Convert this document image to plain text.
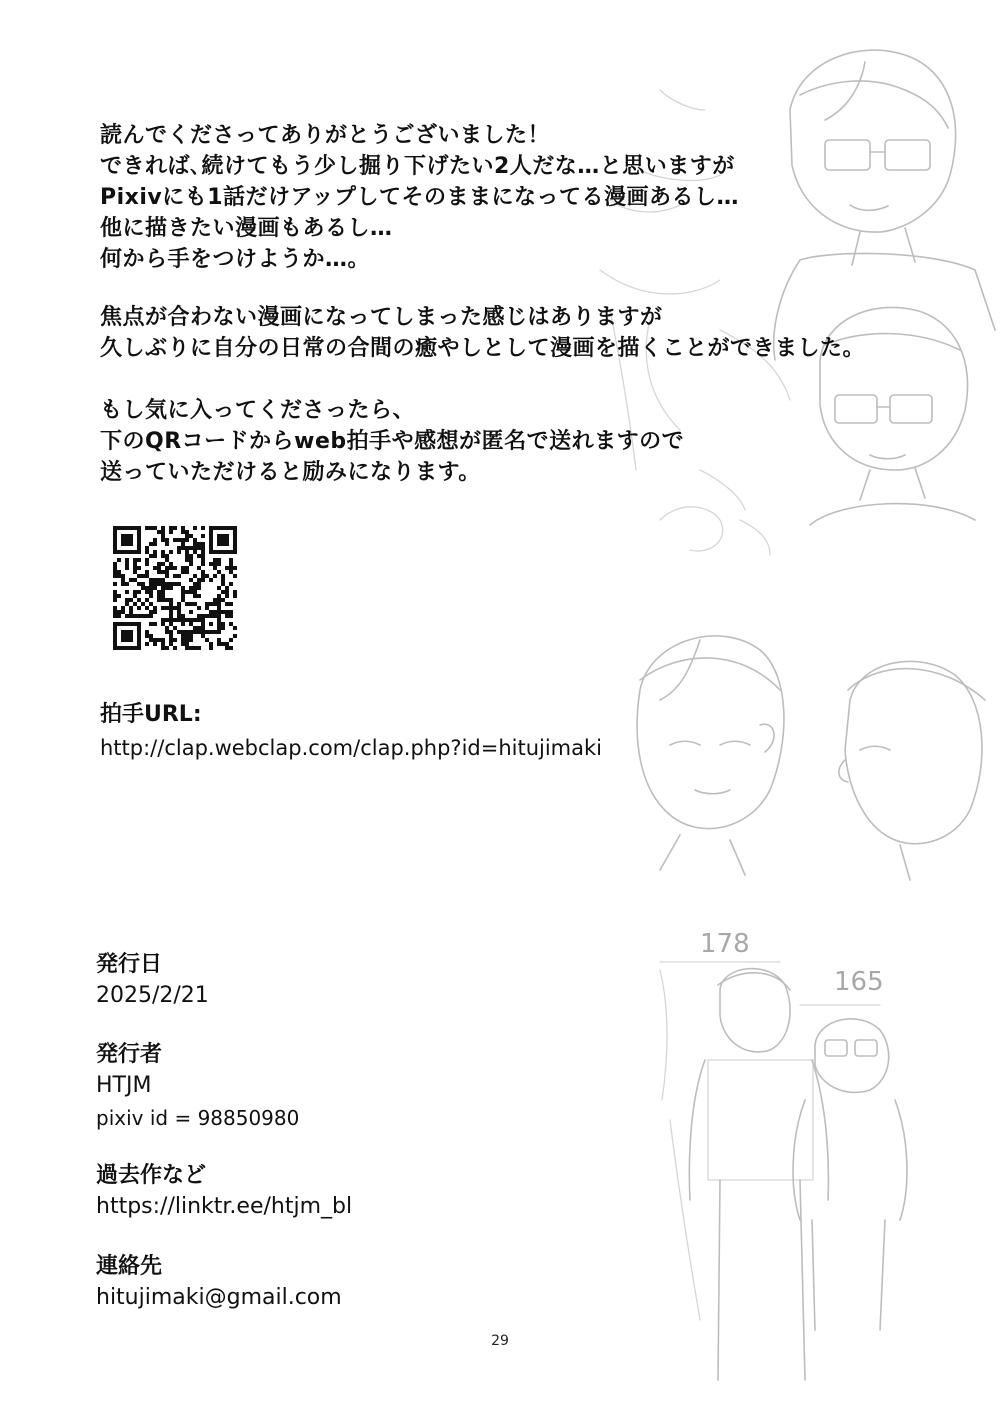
178
165
読んでくださってありがとうございました！
できれば､続けてもう少し掘り下げたい2人だな…と思いますが
Pixivにも1話だけアップしてそのままになってる漫画あるし…
他に描きたい漫画もあるし…
何から手をつけようか…。
焦点が合わない漫画になってしまった感じはありますが
久しぶりに自分の日常の合間の癒やしとして漫画を描くことができました。
もし気に入ってくださったら、
下のQRコードからweb拍手や感想が匿名で送れますので
送っていただけると励みになります。
拍手URL:
http://clap.webclap.com/clap.php?id=hitujimaki
発行日
2025/2/21
発行者
HTJM
pixiv id = 98850980
過去作など
https://linktr.ee/htjm_bl
連絡先
hitujimaki@gmail.com
29
